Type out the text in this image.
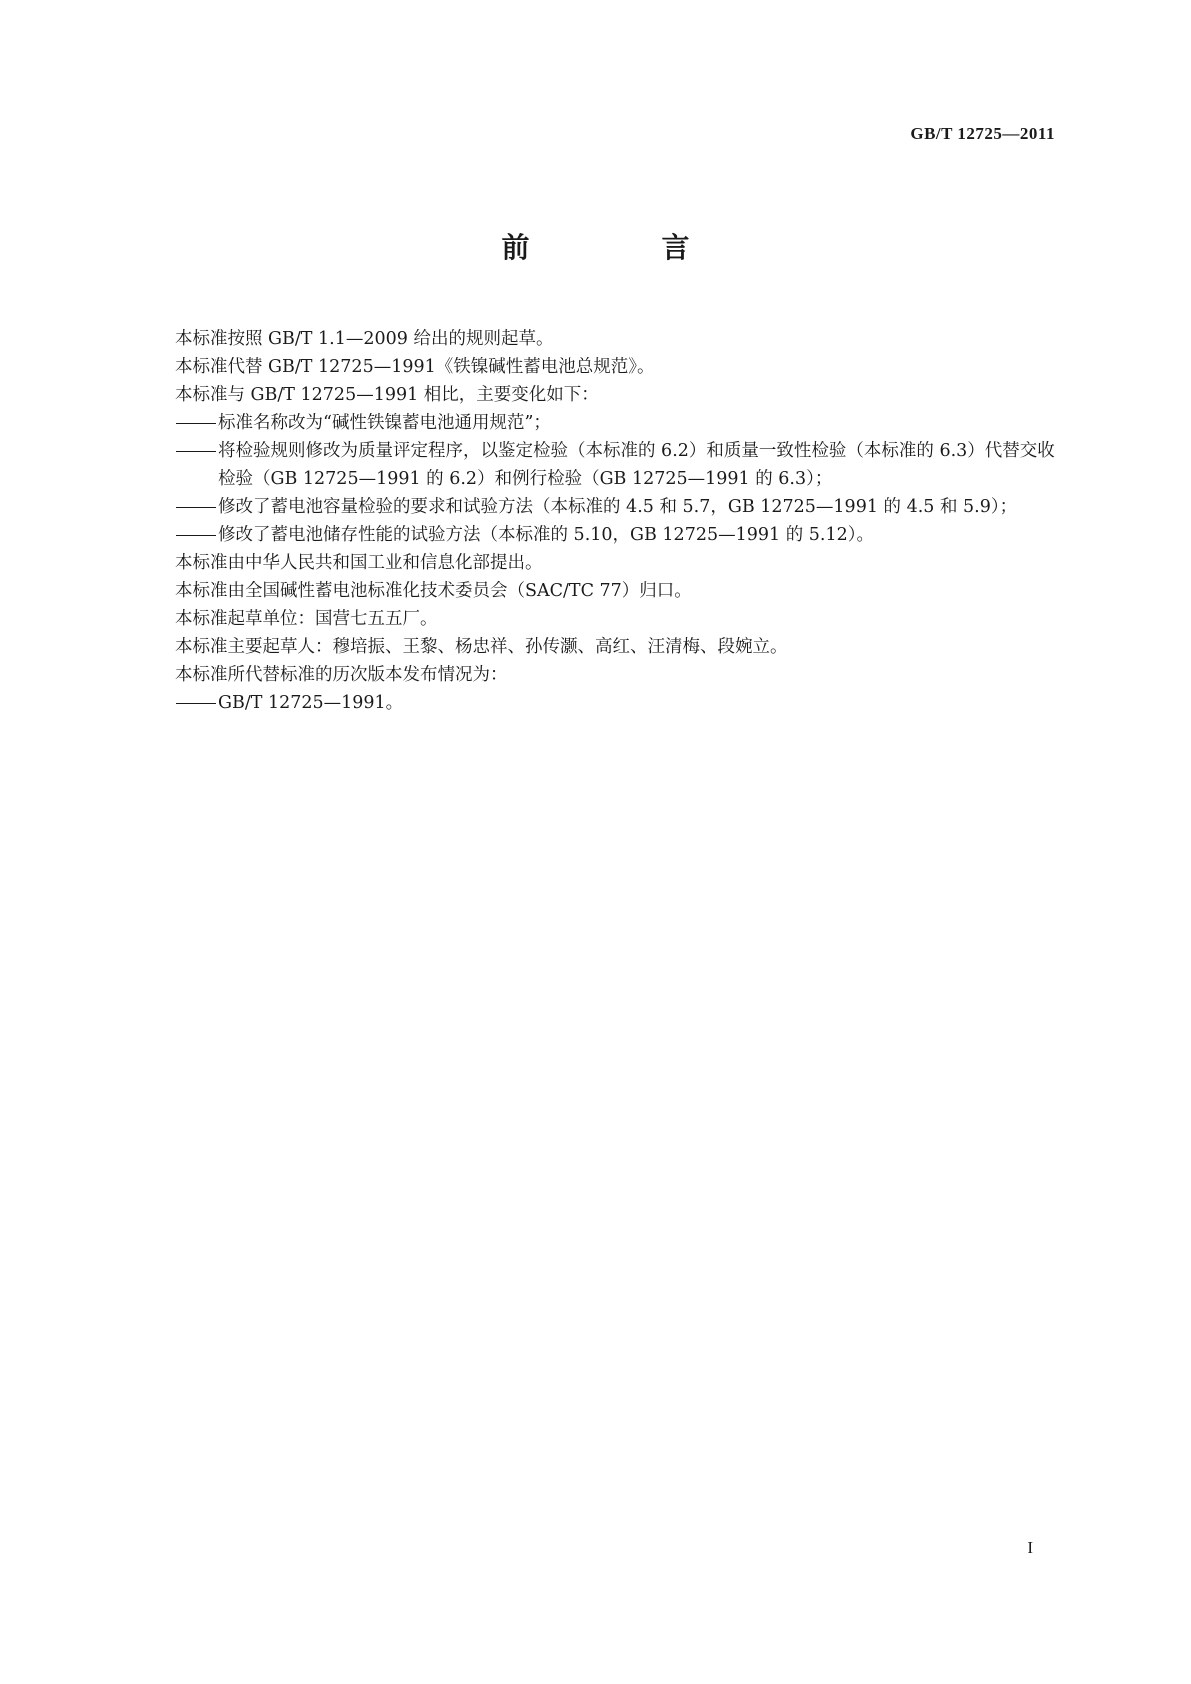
GB/T 12725—2011
前　言
本标准按照 GB/T 1.1—2009 给出的规则起草。
本标准代替 GB/T 12725—1991《铁镍碱性蓄电池总规范》。
本标准与 GB/T 12725—1991 相比，主要变化如下：
标准名称改为“碱性铁镍蓄电池通用规范”；
将检验规则修改为质量评定程序，以鉴定检验（本标准的 6.2）和质量一致性检验（本标准的 6.3）代替交收检验（GB 12725—1991 的 6.2）和例行检验（GB 12725—1991 的 6.3）；
修改了蓄电池容量检验的要求和试验方法（本标准的 4.5 和 5.7，GB 12725—1991 的 4.5 和 5.9）；
修改了蓄电池储存性能的试验方法（本标准的 5.10，GB 12725—1991 的 5.12）。
本标准由中华人民共和国工业和信息化部提出。
本标准由全国碱性蓄电池标准化技术委员会（SAC/TC 77）归口。
本标准起草单位：国营七五五厂。
本标准主要起草人：穆培振、王黎、杨忠祥、孙传灏、高红、汪清梅、段婉立。
本标准所代替标准的历次版本发布情况为：
GB/T 12725—1991。
I
